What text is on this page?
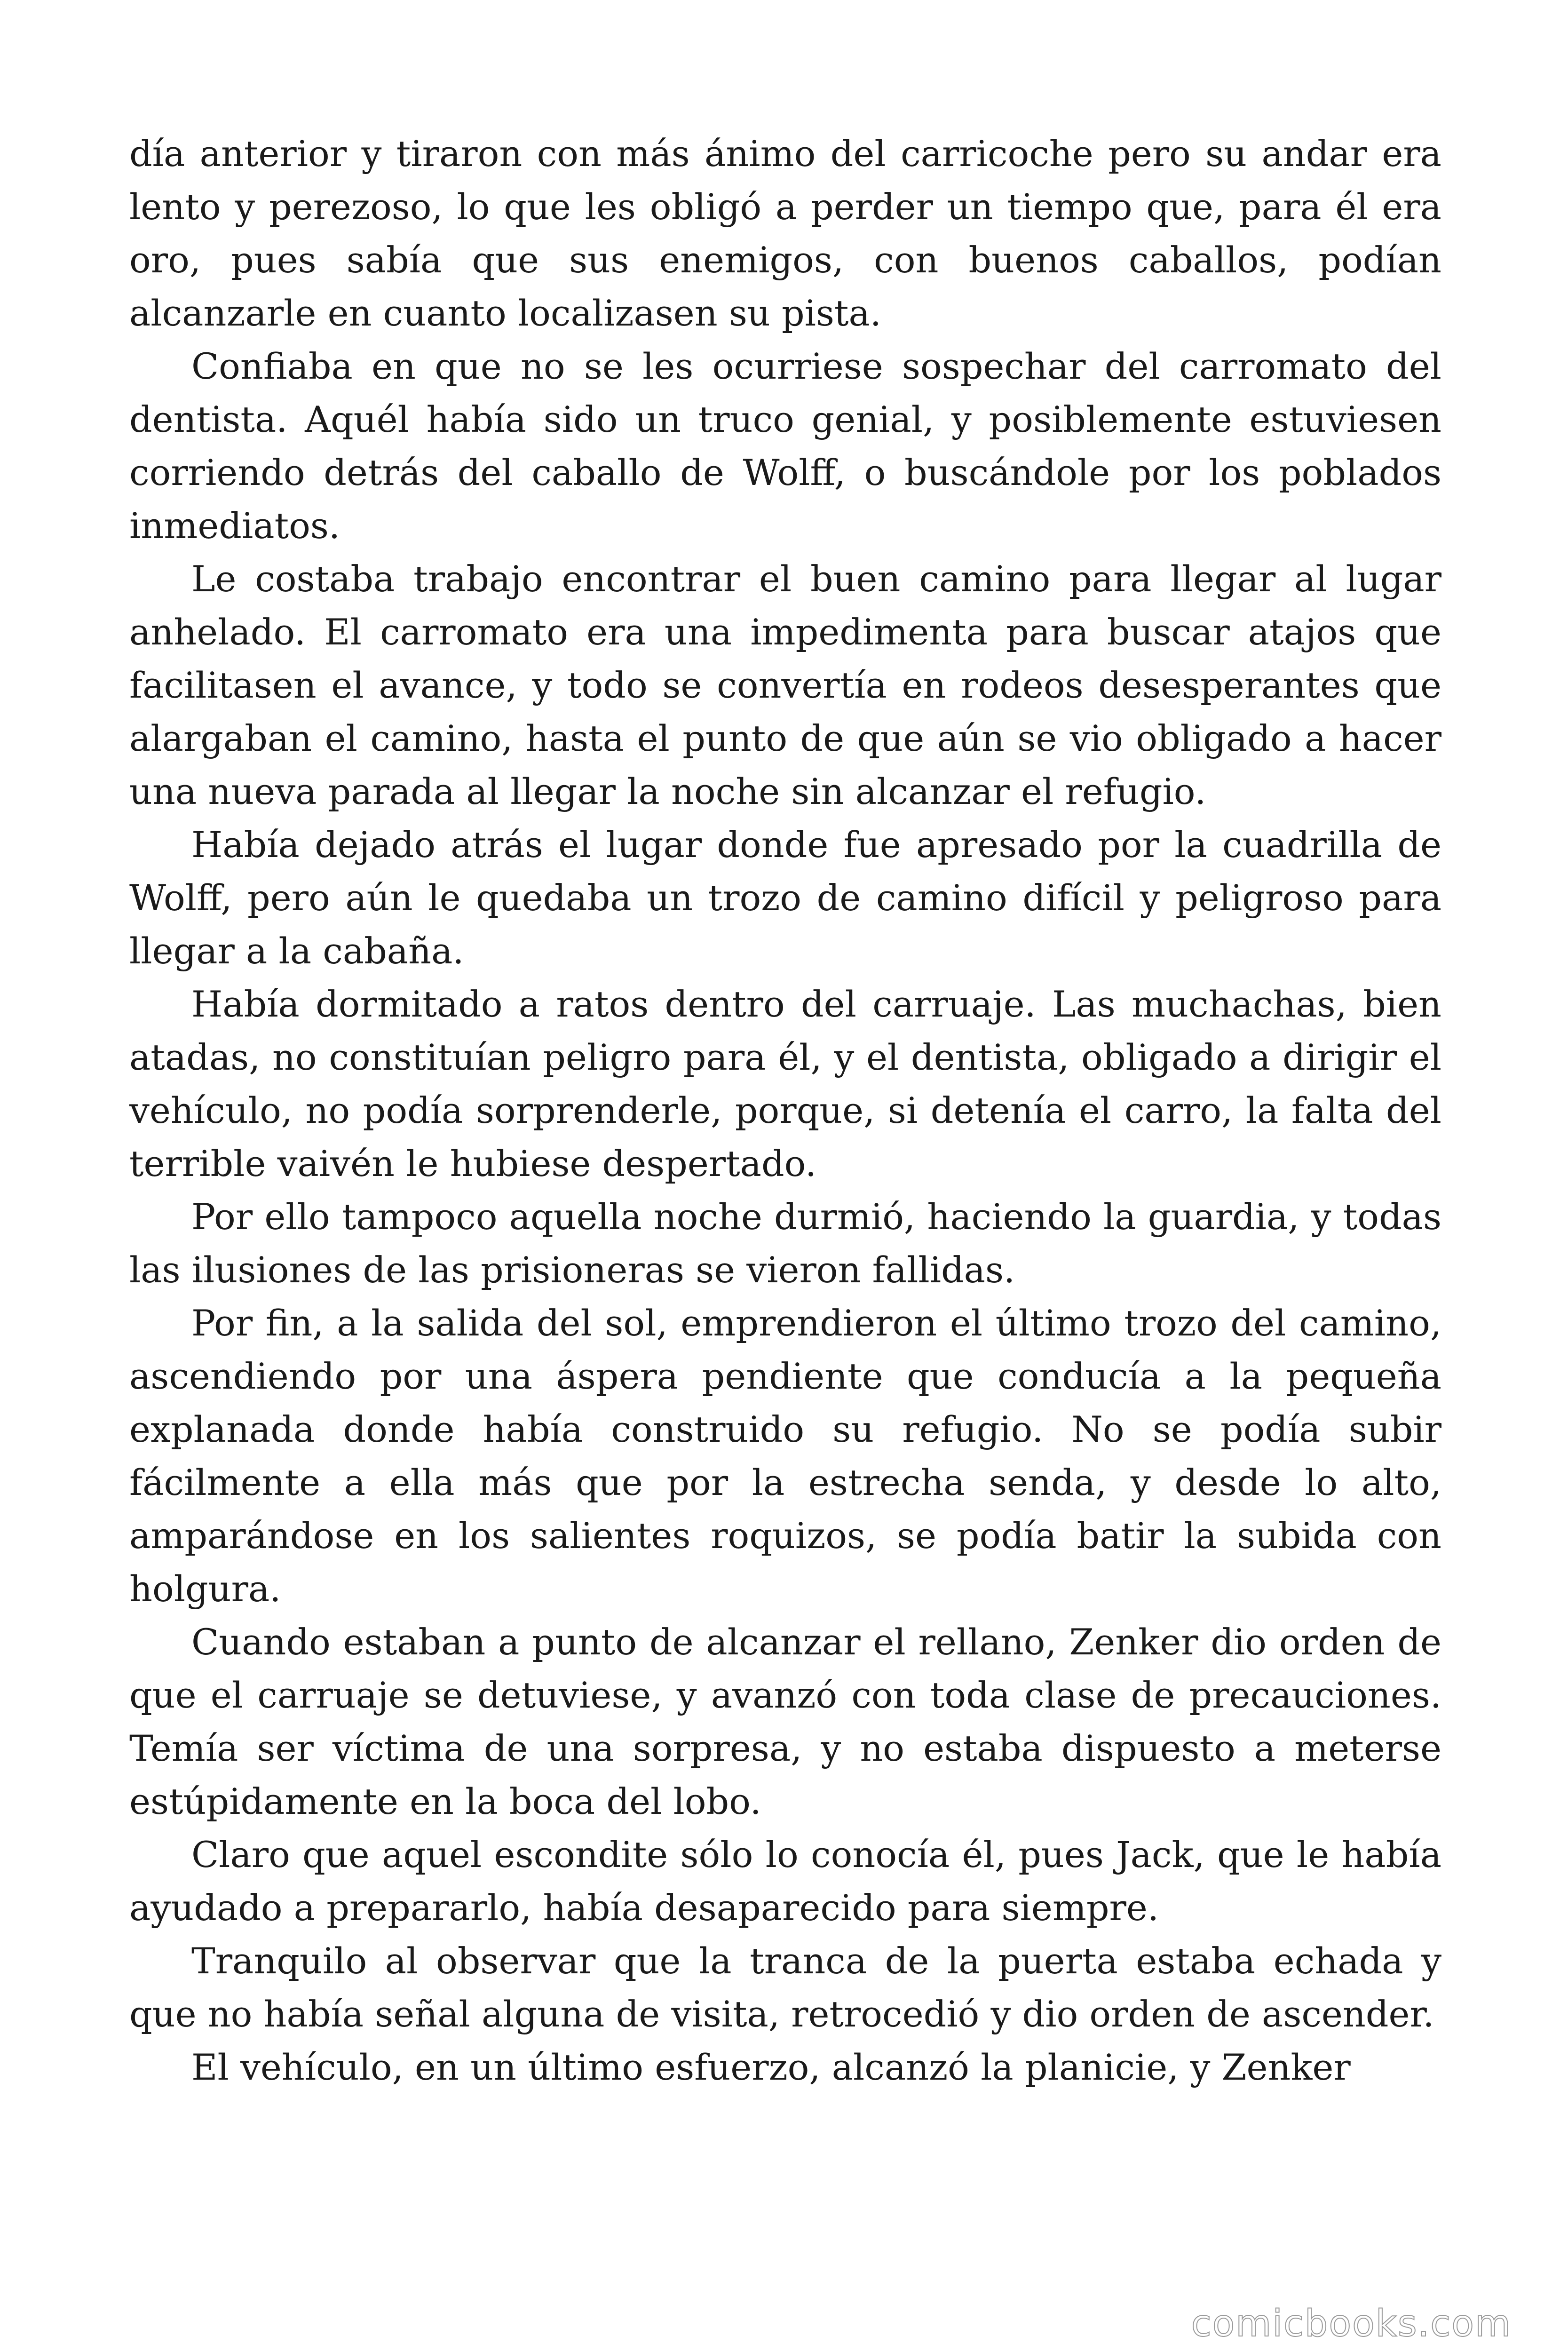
día anterior y tiraron con más ánimo del carricoche pero su andar era lento y perezoso, lo que les obligó a perder un tiempo que, para él era oro, pues sabía que sus enemigos, con buenos caballos, podían alcanzarle en cuanto localizasen su pista.

Confiaba en que no se les ocurriese sospechar del carromato del dentista. Aquél había sido un truco genial, y posiblemente estuviesen corriendo detrás del caballo de Wolff, o buscándole por los poblados inmediatos.

Le costaba trabajo encontrar el buen camino para llegar al lugar anhelado. El carromato era una impedimenta para buscar atajos que facilitasen el avance, y todo se convertía en rodeos desesperantes que alargaban el camino, hasta el punto de que aún se vio obligado a hacer una nueva parada al llegar la noche sin alcanzar el refugio.

Había dejado atrás el lugar donde fue apresado por la cuadrilla de Wolff, pero aún le quedaba un trozo de camino difícil y peligroso para llegar a la cabaña.

Había dormitado a ratos dentro del carruaje. Las muchachas, bien atadas, no constituían peligro para él, y el dentista, obligado a dirigir el vehículo, no podía sorprenderle, porque, si detenía el carro, la falta del terrible vaivén le hubiese despertado.

Por ello tampoco aquella noche durmió, haciendo la guardia, y todas las ilusiones de las prisioneras se vieron fallidas.

Por fin, a la salida del sol, emprendieron el último trozo del camino, ascendiendo por una áspera pendiente que conducía a la pequeña explanada donde había construido su refugio. No se podía subir fácilmente a ella más que por la estrecha senda, y desde lo alto, amparándose en los salientes roquizos, se podía batir la subida con holgura.

Cuando estaban a punto de alcanzar el rellano, Zenker dio orden de que el carruaje se detuviese, y avanzó con toda clase de precauciones. Temía ser víctima de una sorpresa, y no estaba dispuesto a meterse estúpidamente en la boca del lobo.

Claro que aquel escondite sólo lo conocía él, pues Jack, que le había ayudado a prepararlo, había desaparecido para siempre.

Tranquilo al observar que la tranca de la puerta estaba echada y que no había señal alguna de visita, retrocedió y dio orden de ascender.

El vehículo, en un último esfuerzo, alcanzó la planicie, y Zenker

comicbooks.com
